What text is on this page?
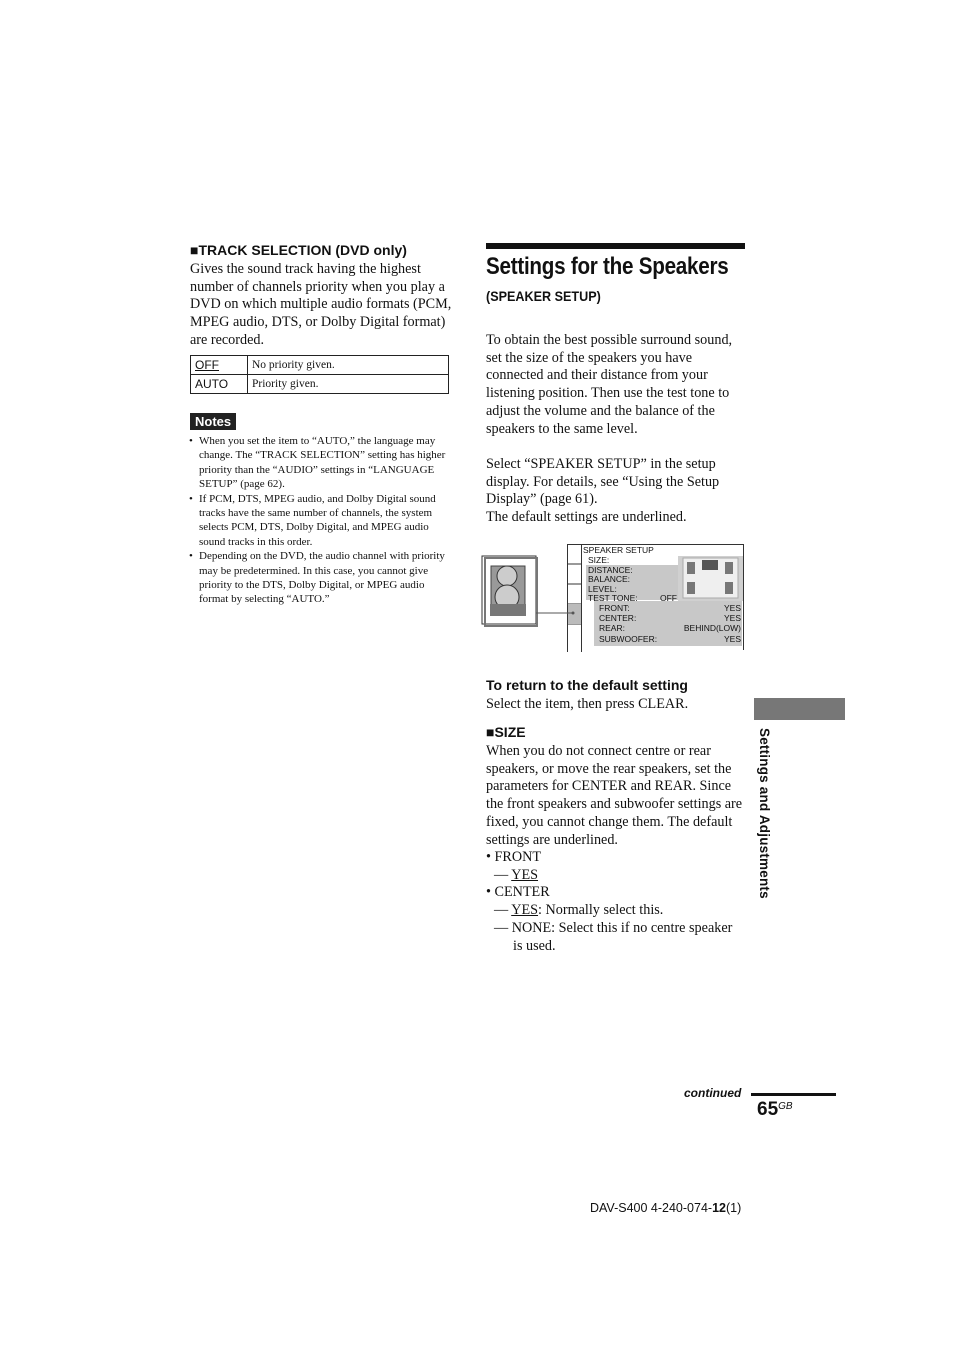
■TRACK SELECTION (DVD only)
Gives the sound track having the highest number of channels priority when you play a DVD on which multiple audio formats (PCM, MPEG audio, DTS, or Dolby Digital format) are recorded.
OFF	No priority given.
AUTO	Priority given.
Notes
• When you set the item to “AUTO,” the language may change. The “TRACK SELECTION” setting has higher priority than the “AUDIO” settings in “LANGUAGE SETUP” (page 62).
• If PCM, DTS, MPEG audio, and Dolby Digital sound tracks have the same number of channels, the system selects PCM, DTS, Dolby Digital, and MPEG audio sound tracks in this order.
• Depending on the DVD, the audio channel with priority may be predetermined. In this case, you cannot give priority to the DTS, Dolby Digital, or MPEG audio format by selecting “AUTO.”
Settings for the Speakers
(SPEAKER SETUP)
To obtain the best possible surround sound, set the size of the speakers you have connected and their distance from your listening position. Then use the test tone to adjust the volume and the balance of the speakers to the same level.
Select “SPEAKER SETUP” in the setup display. For details, see “Using the Setup Display” (page 61).
The default settings are underlined.
SPEAKER SETUP
SIZE:
DISTANCE:
BALANCE:
LEVEL:
TEST TONE:	OFF
FRONT:	YES
CENTER:	YES
REAR:	BEHIND(LOW)
SUBWOOFER:	YES
To return to the default setting
Select the item, then press CLEAR.
■SIZE
When you do not connect centre or rear speakers, or move the rear speakers, set the parameters for CENTER and REAR. Since the front speakers and subwoofer settings are fixed, you cannot change them. The default settings are underlined.
• FRONT
— YES
• CENTER
— YES: Normally select this.
— NONE: Select this if no centre speaker is used.
Settings and Adjustments
continued
$65^{GB}$
DAV-S400 4-240-074-12(1)
